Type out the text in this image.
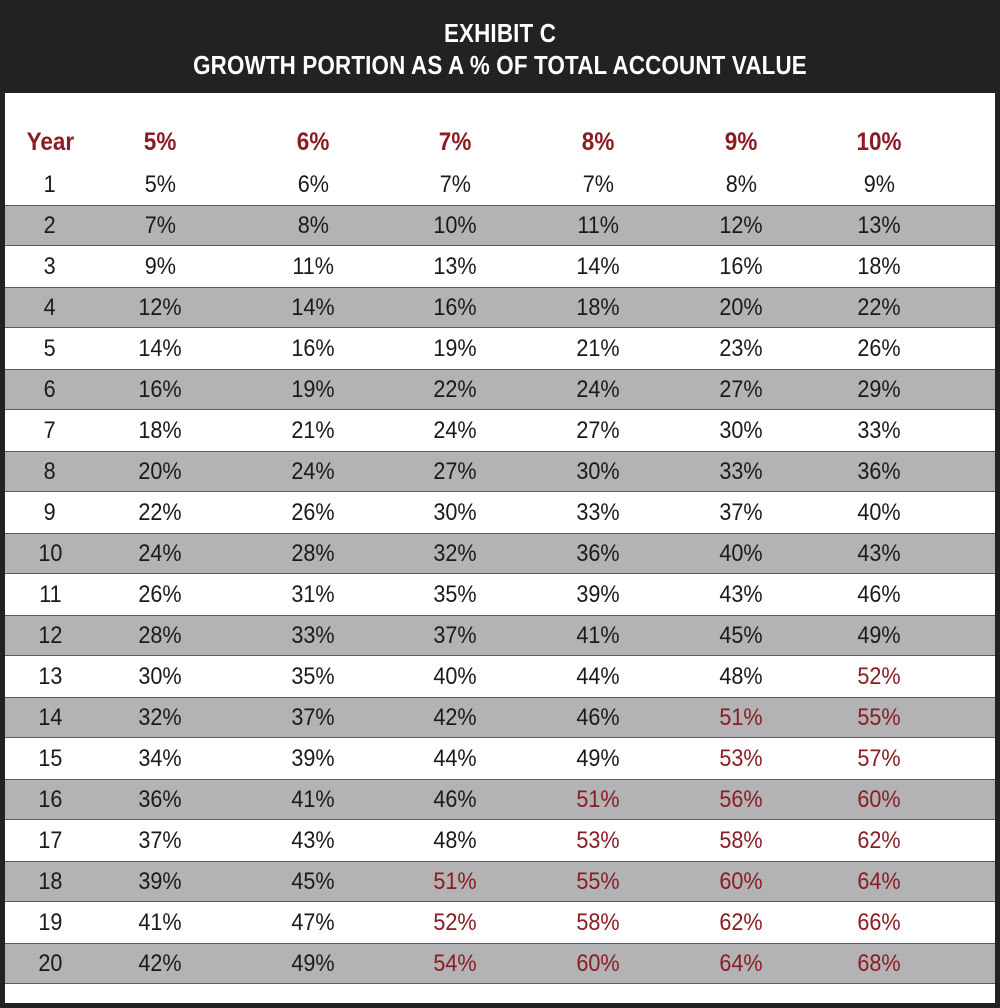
EXHIBIT C
GROWTH PORTION AS A % OF TOTAL ACCOUNT VALUE
Year	5%	6%	7%	8%	9%	10%
1	5%	6%	7%	7%	8%	9%
2	7%	8%	10%	11%	12%	13%
3	9%	11%	13%	14%	16%	18%
4	12%	14%	16%	18%	20%	22%
5	14%	16%	19%	21%	23%	26%
6	16%	19%	22%	24%	27%	29%
7	18%	21%	24%	27%	30%	33%
8	20%	24%	27%	30%	33%	36%
9	22%	26%	30%	33%	37%	40%
10	24%	28%	32%	36%	40%	43%
11	26%	31%	35%	39%	43%	46%
12	28%	33%	37%	41%	45%	49%
13	30%	35%	40%	44%	48%	52%
14	32%	37%	42%	46%	51%	55%
15	34%	39%	44%	49%	53%	57%
16	36%	41%	46%	51%	56%	60%
17	37%	43%	48%	53%	58%	62%
18	39%	45%	51%	55%	60%	64%
19	41%	47%	52%	58%	62%	66%
20	42%	49%	54%	60%	64%	68%
